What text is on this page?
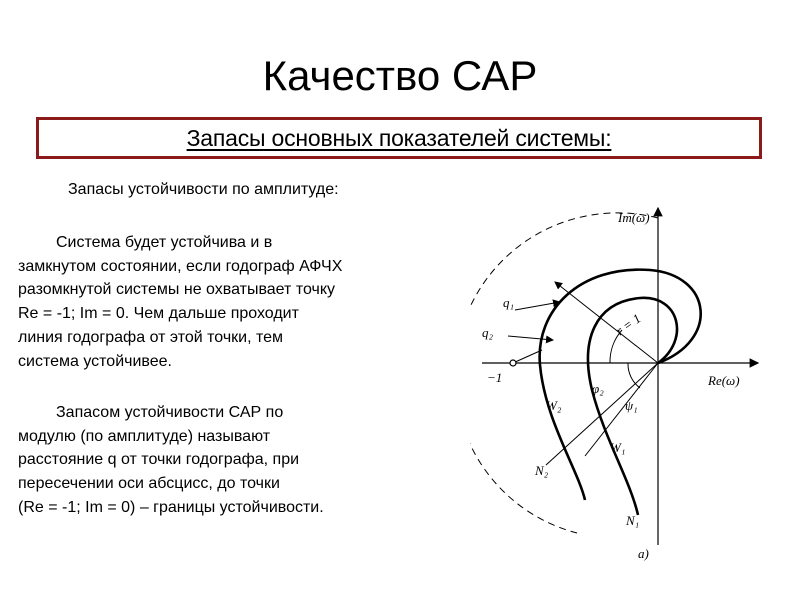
Качество САР
Запасы основных показателей системы:
Запасы устойчивости по амплитуде:

Система будет устойчива и в
замкнутом состоянии, если годограф АФЧХ
разомкнутой системы не охватывает точку
Re = -1; Im = 0. Чем дальше проходит
линия годографа от этой точки, тем
система устойчивее.

Запасом устойчивости САР по
модулю (по амплитуде) называют
расстояние q от точки годографа, при
пересечении оси абсцисс, до точки
(Re = -1; Im = 0) – границы устойчивости.

Im(ω)
Re(ω)
−1
q₁
q₂	r = 1
φ₂
ψ₁
W₂
W₁
N₂
N₁
а)
